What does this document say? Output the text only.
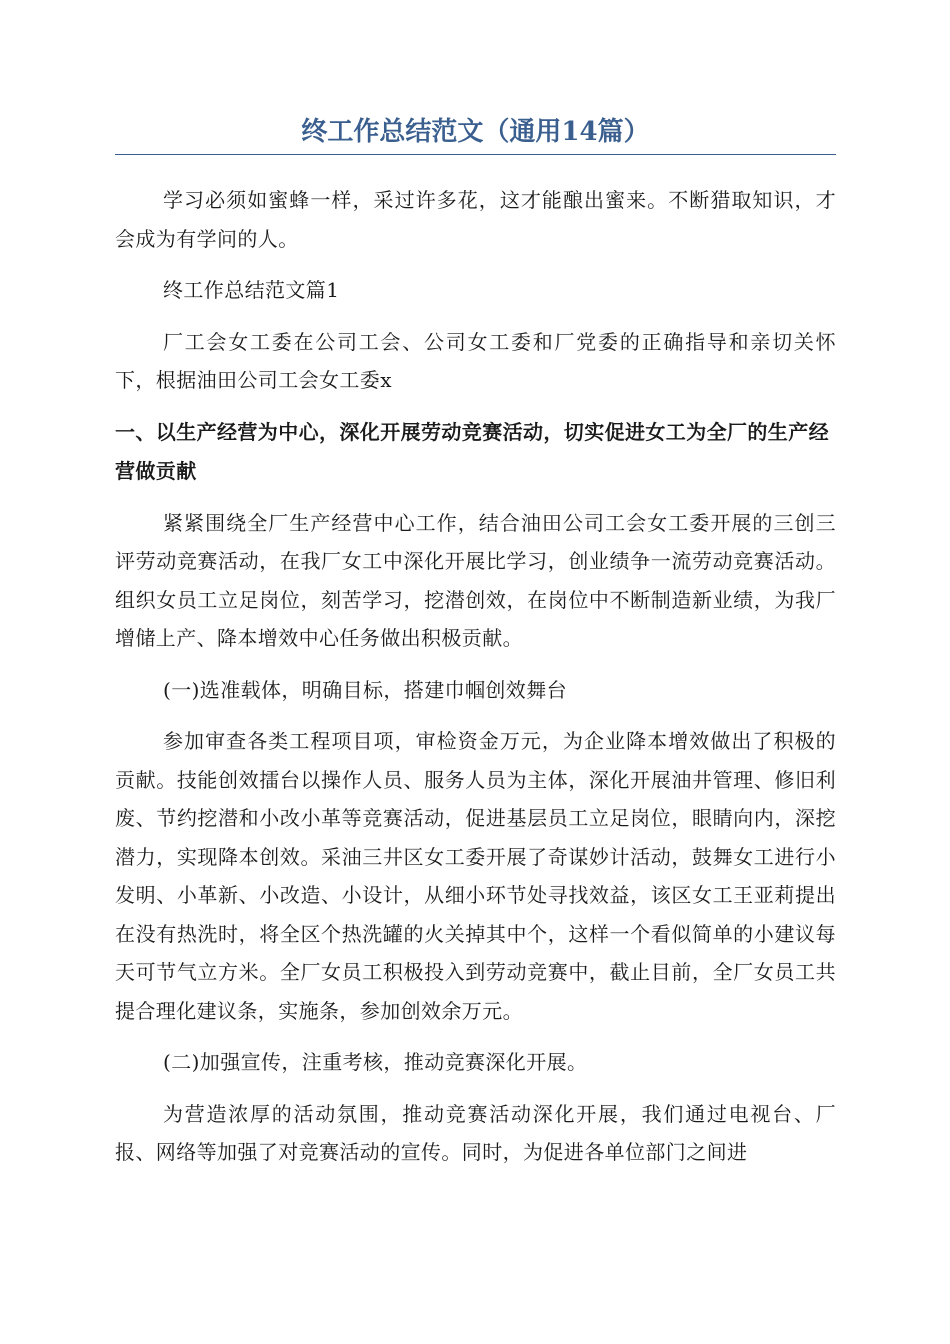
终工作总结范文（通用14篇）

学习必须如蜜蜂一样，采过许多花，这才能酿出蜜来。不断猎取知识，才会成为有学问的人。

终工作总结范文篇1

厂工会女工委在公司工会、公司女工委和厂党委的正确指导和亲切关怀下，根据油田公司工会女工委x

一、以生产经营为中心，深化开展劳动竞赛活动，切实促进女工为全厂的生产经营做贡献

紧紧围绕全厂生产经营中心工作，结合油田公司工会女工委开展的三创三评劳动竞赛活动，在我厂女工中深化开展比学习，创业绩争一流劳动竞赛活动。组织女员工立足岗位，刻苦学习，挖潜创效，在岗位中不断制造新业绩，为我厂增储上产、降本增效中心任务做出积极贡献。

(一)选准载体，明确目标，搭建巾帼创效舞台

参加审查各类工程项目项，审检资金万元，为企业降本增效做出了积极的贡献。技能创效擂台以操作人员、服务人员为主体，深化开展油井管理、修旧利废、节约挖潜和小改小革等竞赛活动，促进基层员工立足岗位，眼睛向内，深挖潜力，实现降本创效。采油三井区女工委开展了奇谋妙计活动，鼓舞女工进行小发明、小革新、小改造、小设计，从细小环节处寻找效益，该区女工王亚莉提出在没有热洗时，将全区个热洗罐的火关掉其中个，这样一个看似简单的小建议每天可节气立方米。全厂女员工积极投入到劳动竞赛中，截止目前，全厂女员工共提合理化建议条，实施条，参加创效余万元。

(二)加强宣传，注重考核，推动竞赛深化开展。

为营造浓厚的活动氛围，推动竞赛活动深化开展，我们通过电视台、厂报、网络等加强了对竞赛活动的宣传。同时，为促进各单位部门之间进
